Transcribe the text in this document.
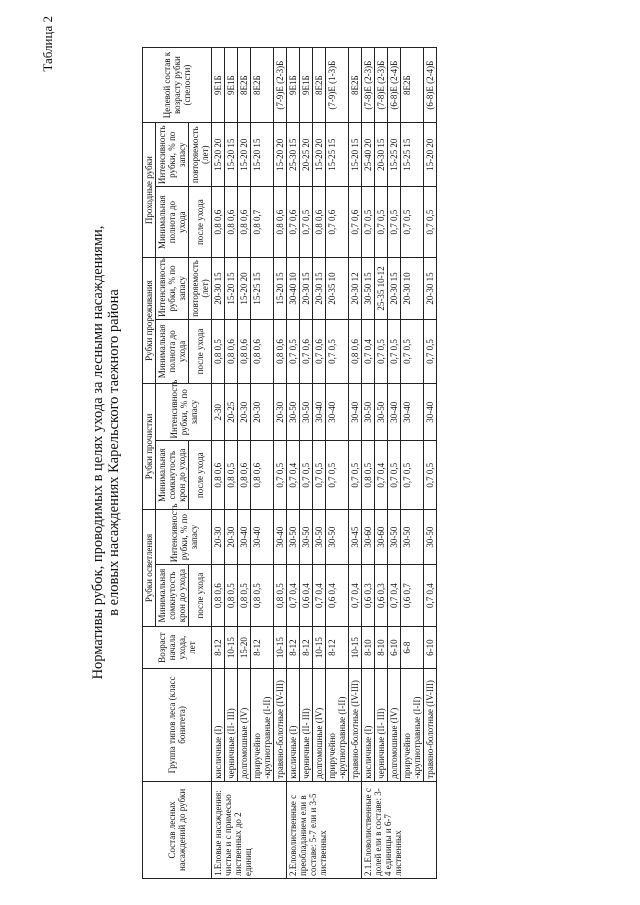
Таблица 2
Нормативы рубок, проводимых в целях ухода за лесными насаждениями, в еловых насаждениях Карельского таежного района
Состав лесных насаждений до рубки	Группа типов леса (класс бонитета)	Возраст начала ухода, лет	Рубки осветления		Рубки прочистки		Рубки прореживания		Проходные рубки		Целевой состав к возрасту рубки (спелости)
			Минимальная сомкнутость крон до ухода	Интенсивность рубки, % по запасу	Минимальная сомкнутость крон до ухода	Интенсивность рубки, % по запасу	Минимальная полнота до ухода	Интенсивность рубки, % по запасу	Минимальная полнота до ухода	Интенсивность рубки, % по запасу	
			после ухода		после ухода		после ухода	повторяемость (лет)	после ухода	повторяемость (лет)	
1.Еловые насаждения: чистые и с примесью лиственных до 2 единиц	кисличные (I)	8-12	0,8 0,6	20-30	0,8 0,6	2-30	0,8 0,5	20-30 15	0,8 0,6	15-20 20	9Е1Б
	черничные (II- III)	10-15	0,8 0,5	20-30	0,8 0,5	20-25	0,8 0,6	15-20 15	0,8 0,6	15-20 15	9Е1Б
	долгомошные (IV)	15-20	0,8 0,5	30-40	0,8 0,6	20-30	0,8 0,6	15-20 20	0,8 0,6	15-20 20	8Е2Б
	приручейно -крупнотравные (I-II)	8-12	0,8 0,5	30-40	0,8 0,6	20-30	0,8 0,6	15-25 15	0,8 0,7	15-20 15	8Е2Б
	травяно-болотные (IV-III)	10-15	0,8 0,5	30-40	0,7 0,5	20-30	0,8 0,6	15-20 15	0,8 0,6	15-20 20	(7-9)Е (2-3)Б
2.Еловолиственные с преобладанием ели в составе: 5-7 ели и 3-5 лиственных	кисличные (I)	8-12	0,7 0,4	30-50	0,7 0,4	30-50	0,7 0,5	30-40 10	0,7 0,6	25-30 15	9Е1Б
	черничные (II- III)	8-12	0,6 0,4	30-50	0,7 0,5	30-50	0,7 0,6	20-30 15	0,7 0,5	20-25 20	9Е1Б
	долгомошные (IV)	10-15	0,7 0,4	30-50	0,7 0,5	30-40	0,7 0,6	20-30 15	0,8 0,6	15-20 20	8Е2Б
	приручейно -крупнотравные (I-II)	8-12	0,6 0,4	30-50	0,7 0,5	30-40	0,7 0,5	20-35 10	0,7 0,6	15-25 15	(7-9)Е (1-3)Б
	травяно-болотные (IV-III)	10-15	0,7 0,4	30-45	0,7 0,5	30-40	0,8 0,6	20-30 12	0,7 0,6	15-20 15	8Е2Б
2.1.Еловолиственные с долей ели в составе: 3-4 единицы и 6-7 лиственных	кисличные (I)	8-10	0,6 0,3	30-60	0,8 0,5	30-50	0,7 0,4	30-50 15	0,7 0,5	25-40 20	(7-8)Е (2-3)Б
	черничные (II- III)	8-10	0,6 0,3	30-60	0,7 0,4	30-50	0,7 0,5	25-35 10-12	0,7 0,5	20-30 15	(7-8)Е (2-3)Б
	долгомошные (IV)	6-10	0,7 0,4	30-50	0,7 0,5	30-40	0,7 0,5	20-30 15	0,7 0,5	15-25 20	(6-8)Е (2-4)Б
	приручейно -крупнотравные (I-II)	6-8	0,6 0,7	30-50	0,7 0,5	30-40	0,7 0,5	20-30 10	0,7 0,5	15-25 15	8Е2Б
	травяно-болотные (IV-III)	6-10	0,7 0,4	30-50	0,7 0,5	30-40	0,7 0,5	20-30 15	0,7 0,5	15-20 20	(6-8)Е (2-4)Б
